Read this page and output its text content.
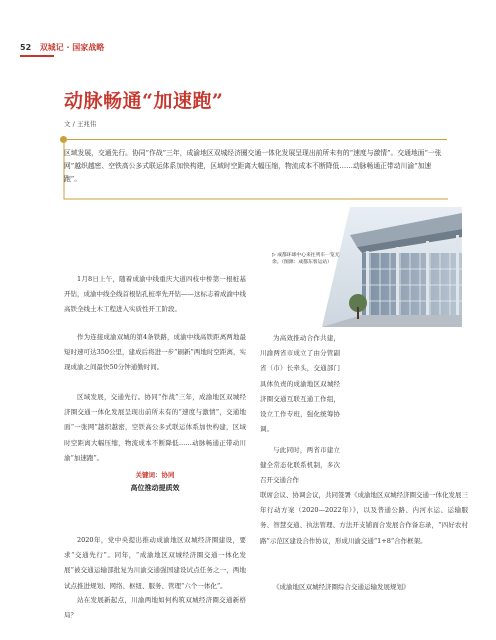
52 双城记 · 国家战略
动脉畅通“加速跑”
文 / 王兆伟
区域发展，交通先行。协同“作战”三年，成渝地区双城经济圈交通一体化发展呈现出前所未有的“速度与激情”。交通地面“一张网”越织越密、空铁高公多式联运体系加快构建，区域时空距离大幅压缩，物流成本不断降低……动脉畅通正带动川渝“加速跑”。
▷ 成都环球中心来往列车一览无余。（图源：成都东客运站）

1月8日上午，随着成渝中线重庆大道四枝中桥第一根桩基开钻，成渝中线全线首根钻孔桩率先开钻——这标志着成渝中线高铁全线土木工程进入实质性开工阶段。

作为连接成渝双城的第4条铁路，成渝中线高铁距离两地最短时速可达350公里，建成后将进一步“刷新”两地时空距离，实现成渝之间最快50分钟通勤时间。

区域发展，交通先行。协同“作战”三年，成渝地区双城经济圈交通一体化发展呈现出前所未有的“速度与激情”，交通地面“一张网”越织越密，空铁高公多式联运体系加快构建，区域时空距离大幅压缩，物流成本不断降低……动脉畅通正带动川渝“加速跑”。

关键词：协同
高位推动提质效

2020年，党中央提出推动成渝地区双城经济圈建设，要求“交通先行”。同年，“成渝地区双城经济圈交通一体化发展”被交通运输部批复为川渝交通强国建设试点任务之一，两地试点推进规划、网络、枢纽、服务、管理“六个一体化”。

站在发展新起点，川渝两地如何构筑双城经济圈交通新格局？

为高效推动合作共建，川渝两省市成立了由分管副省（市）长牵头，交通部门具体负责的成渝地区双城经济圈交通互联互通工作组，设立工作专班，强化统筹协调。

与此同时，两省市建立健全常态化联系机制，多次召开交通合作

联席会议、协调会议，共同签署《成渝地区双城经济圈交通一体化发展三年行动方案（2020—2022年）》，以及普通公路、内河水运、运输服务、智慧交通、执法管理、方法开支铺面合发展合作备忘录，“四好农村路”示范区建设合作协议，形成川渝交通“1+8”合作框架。

《成渝地区双城经济圈综合交通运输发展规划》
